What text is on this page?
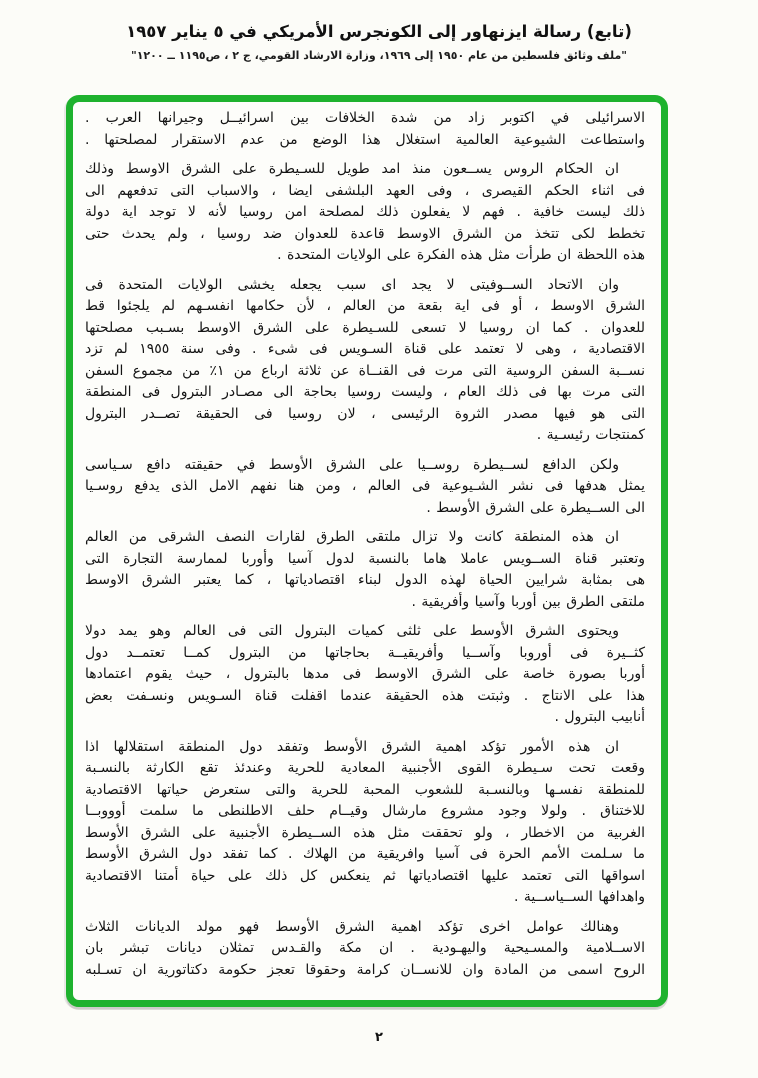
(تابع) رسالة ايزنهاور إلى الكونجرس الأمريكي في ٥ يناير ١٩٥٧
"ملف وثائق فلسطين من عام ١٩٥٠ إلى ١٩٦٩، وزارة الارشاد القومي، ج ٢ ، ص١١٩٥ ــ ١٢٠٠"
الاسرائيلى في اكتوبر زاد من شدة الخلافات بين اسرائيــل وجيرانها العرب .
واستطاعت الشيوعية العالمية استغلال هذا الوضع من عدم الاستقرار لمصلحتها .
ان الحكام الروس يســعون منذ امد طويل للسـيطرة على الشرق الاوسط وذلك
فى اثناء الحكم القيصرى ، وفى العهد البلشفى ايضا ، والاسباب التى تدفعهم الى
ذلك ليست خافية . فهم لا يفعلون ذلك لمصلحة امن روسيا لأنه لا توجد اية دولة
تخطط لكى تتخذ من الشرق الاوسط قاعدة للعدوان ضد روسيا ، ولم يحدث حتى
هذه اللحظة ان طرأت مثل هذه الفكرة على الولايات المتحدة .
وان الاتحاد الســوفيتى لا يجد اى سبب يجعله يخشى الولايات المتحدة فى
الشرق الاوسط ، أو فى اية بقعة من العالم ، لأن حكامها انفسـهم لم يلجئوا قط
للعدوان . كما ان روسيا لا تسعى للسـيطرة على الشرق الاوسط بسـبب مصلحتها
الاقتصادية ، وهى لا تعتمد على قناة السـويس فى شىء . وفى سنة ١٩٥٥ لم تزد
نســبة السفن الروسية التى مرت فى القنــاة عن ثلاثة ارباع من ١٪ من مجموع السفن
التى مرت بها فى ذلك العام ، وليست روسيا بحاجة الى مصـادر البترول فى المنطقة
التى هو فيها مصدر الثروة الرئيسى ، لان روسيا فى الحقيقة تصــدر البترول
كمنتجات رئيسـية .
ولكن الدافع لســيطرة روســيا على الشرق الأوسط في حقيقته دافع سـياسى
يمثل هدفها فى نشر الشـيوعية فى العالم ، ومن هنا نفهم الامل الذى يدفع روسـيا
الى الســيطرة على الشرق الأوسط .
ان هذه المنطقة كانت ولا تزال ملتقى الطرق لقارات النصف الشرقى من العالم
وتعتبر قناة الســويس عاملا هاما بالنسبة لدول آسيا وأوربا لممارسة التجارة التى
هى بمثابة شرايين الحياة لهذه الدول لبناء اقتصادياتها ، كما يعتبر الشرق الاوسط
ملتقى الطرق بين أوربا وآسيا وأفريقية .
ويحتوى الشرق الأوسط على ثلثى كميات البترول التى فى العالم وهو يمد دولا
كثــيرة فى أوروبا وآســيا وأفريقيــة بحاجاتها من البترول كمــا تعتمــد دول
أوربا بصورة خاصة على الشرق الاوسط فى مدها بالبترول ، حيث يقوم اعتمادها
هذا على الانتاج . وثبتت هذه الحقيقة عندما اقفلت قناة السـويس ونسـفت بعض
أنابيب البترول .
ان هذه الأمور تؤكد اهمية الشرق الأوسط وتفقد دول المنطقة استقلالها اذا
وقعت تحت سـيطرة القوى الأجنبية المعادية للحرية وعندئذ تقع الكارثة بالنسـبة
للمنطقة نفسـها وبالنسـبة للشعوب المحبة للحرية والتى ستعرض حياتها الاقتصادية
للاختناق . ولولا وجود مشروع مارشال وقيــام حلف الاطلنطى ما سلمت أوووبــا
الغربية من الاخطار ، ولو تحققت مثل هذه الســيطرة الأجنبية على الشرق الأوسط
ما سـلمت الأمم الحرة فى آسيا وافريقية من الهلاك . كما تفقد دول الشرق الأوسط
اسواقها التى تعتمد عليها اقتصادياتها ثم ينعكس كل ذلك على حياة أمتنا الاقتصادية
واهدافها الســياســية .
وهنالك عوامل اخرى تؤكد اهمية الشرق الأوسط فهو مولد الديانات الثلاث
الاســلامية والمسـيحية واليهـودية . ان مكة والقـدس تمثلان ديانات تبشر بان
الروح اسمى من المادة وان للانســان كرامة وحقوقا تعجز حكومة دكتاتورية ان تسـلبه
٢
